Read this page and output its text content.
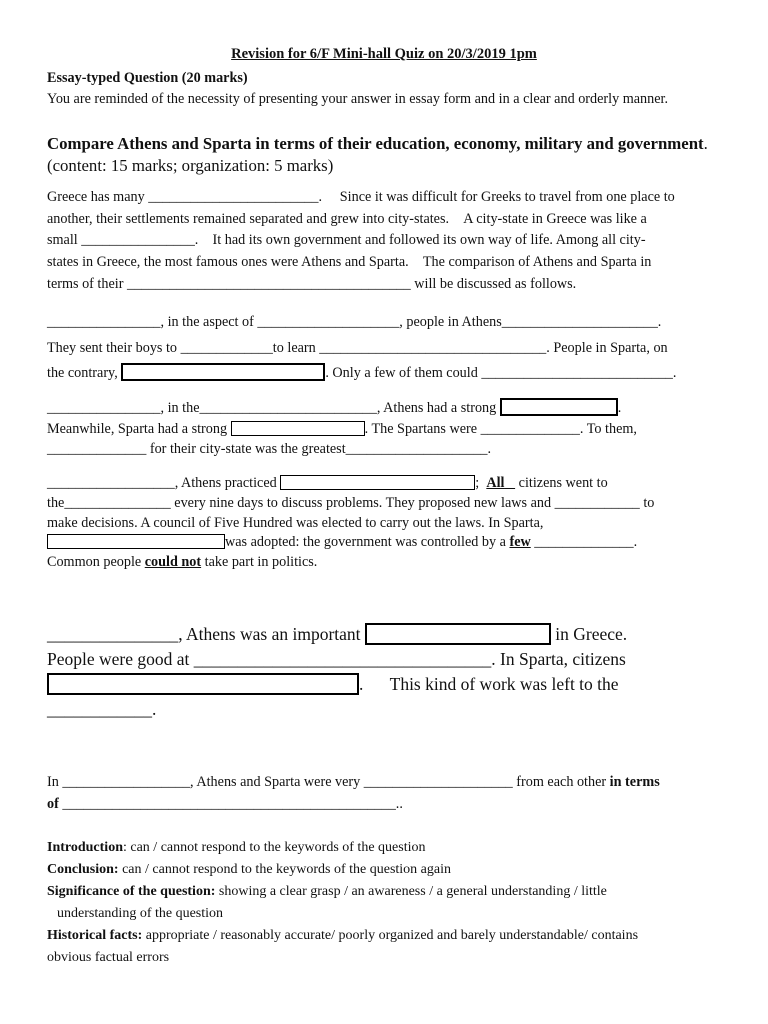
Revision for 6/F Mini-hall Quiz on 20/3/2019 1pm

Essay-typed Question (20 marks)

You are reminded of the necessity of presenting your answer in essay form and in a clear and orderly manner.

Compare Athens and Sparta in terms of their education, economy, military and government. (content: 15 marks; organization: 5 marks)

Greece has many ________________________. Since it was difficult for Greeks to travel from one place to
another, their settlements remained separated and grew into city-states. A city-state in Greece was like a
small ________________. It had its own government and followed its own way of life. Among all city-
states in Greece, the most famous ones were Athens and Sparta. The comparison of Athens and Sparta in
terms of their ________________________________________ will be discussed as follows.
________________, in the aspect of ____________________, people in Athens______________________.
They sent their boys to _____________to learn ________________________________. People in Sparta, on
the contrary,	. Only a few of them could ___________________________.
________________, in the_________________________, Athens had a strong	.
Meanwhile, Sparta had a strong	. The Spartans were ______________. To them,
______________ for their city-state was the greatest____________________.
__________________, Athens practiced	;  All citizens went to
the_______________ every nine days to discuss problems. They proposed new laws and ____________ to
make decisions. A council of Five Hundred was elected to carry out the laws. In Sparta,
was adopted: the government was controlled by a few ______________.
Common people could not take part in politics.
_______________, Athens was an important	in Greece.
People were good at __________________________________. In Sparta, citizens
.      This kind of work was left to the
____________.
In __________________, Athens and Sparta were very _____________________ from each other in terms
of _______________________________________________..
Introduction: can / cannot respond to the keywords of the question
Conclusion: can / cannot respond to the keywords of the question again
Significance of the question: showing a clear grasp / an awareness / a general understanding / little
understanding of the question
Historical facts: appropriate / reasonably accurate/ poorly organized and barely understandable/ contains
obvious factual errors
